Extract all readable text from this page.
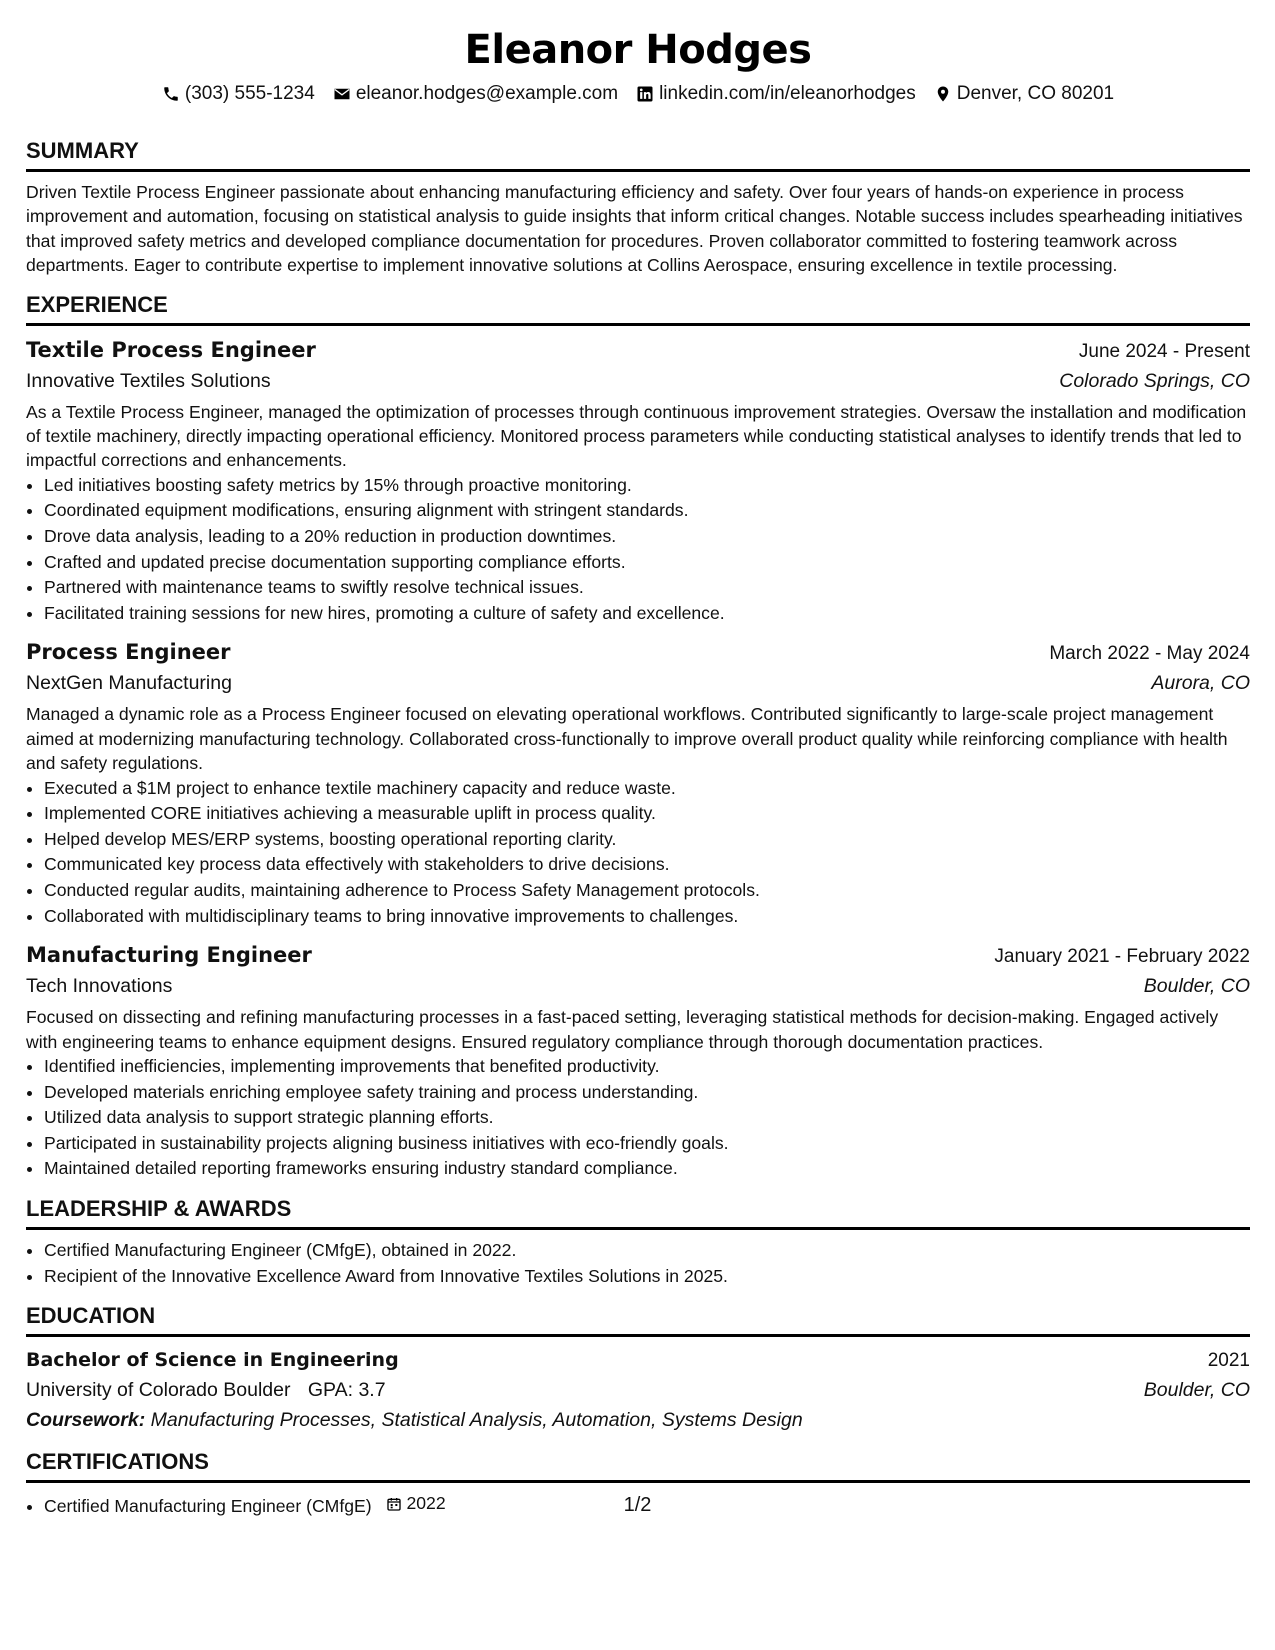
Eleanor Hodges
(303) 555-1234 eleanor.hodges@example.com linkedin.com/in/eleanorhodges Denver, CO 80201
SUMMARY
Driven Textile Process Engineer passionate about enhancing manufacturing efficiency and safety. Over four years of hands-on experience in process improvement and automation, focusing on statistical analysis to guide insights that inform critical changes. Notable success includes spearheading initiatives that improved safety metrics and developed compliance documentation for procedures. Proven collaborator committed to fostering teamwork across departments. Eager to contribute expertise to implement innovative solutions at Collins Aerospace, ensuring excellence in textile processing.
EXPERIENCE
Textile Process Engineer	June 2024 - Present
Innovative Textiles Solutions	Colorado Springs, CO
As a Textile Process Engineer, managed the optimization of processes through continuous improvement strategies. Oversaw the installation and modification of textile machinery, directly impacting operational efficiency. Monitored process parameters while conducting statistical analyses to identify trends that led to impactful corrections and enhancements.
• Led initiatives boosting safety metrics by 15% through proactive monitoring.
• Coordinated equipment modifications, ensuring alignment with stringent standards.
• Drove data analysis, leading to a 20% reduction in production downtimes.
• Crafted and updated precise documentation supporting compliance efforts.
• Partnered with maintenance teams to swiftly resolve technical issues.
• Facilitated training sessions for new hires, promoting a culture of safety and excellence.
Process Engineer	March 2022 - May 2024
NextGen Manufacturing	Aurora, CO
Managed a dynamic role as a Process Engineer focused on elevating operational workflows. Contributed significantly to large-scale project management aimed at modernizing manufacturing technology. Collaborated cross-functionally to improve overall product quality while reinforcing compliance with health and safety regulations.
• Executed a $1M project to enhance textile machinery capacity and reduce waste.
• Implemented CORE initiatives achieving a measurable uplift in process quality.
• Helped develop MES/ERP systems, boosting operational reporting clarity.
• Communicated key process data effectively with stakeholders to drive decisions.
• Conducted regular audits, maintaining adherence to Process Safety Management protocols.
• Collaborated with multidisciplinary teams to bring innovative improvements to challenges.
Manufacturing Engineer	January 2021 - February 2022
Tech Innovations	Boulder, CO
Focused on dissecting and refining manufacturing processes in a fast-paced setting, leveraging statistical methods for decision-making. Engaged actively with engineering teams to enhance equipment designs. Ensured regulatory compliance through thorough documentation practices.
• Identified inefficiencies, implementing improvements that benefited productivity.
• Developed materials enriching employee safety training and process understanding.
• Utilized data analysis to support strategic planning efforts.
• Participated in sustainability projects aligning business initiatives with eco-friendly goals.
• Maintained detailed reporting frameworks ensuring industry standard compliance.
LEADERSHIP & AWARDS
• Certified Manufacturing Engineer (CMfgE), obtained in 2022.
• Recipient of the Innovative Excellence Award from Innovative Textiles Solutions in 2025.
EDUCATION
Bachelor of Science in Engineering	2021
University of Colorado Boulder GPA: 3.7	Boulder, CO
Coursework: Manufacturing Processes, Statistical Analysis, Automation, Systems Design
CERTIFICATIONS
• Certified Manufacturing Engineer (CMfgE) 2022	1/2
